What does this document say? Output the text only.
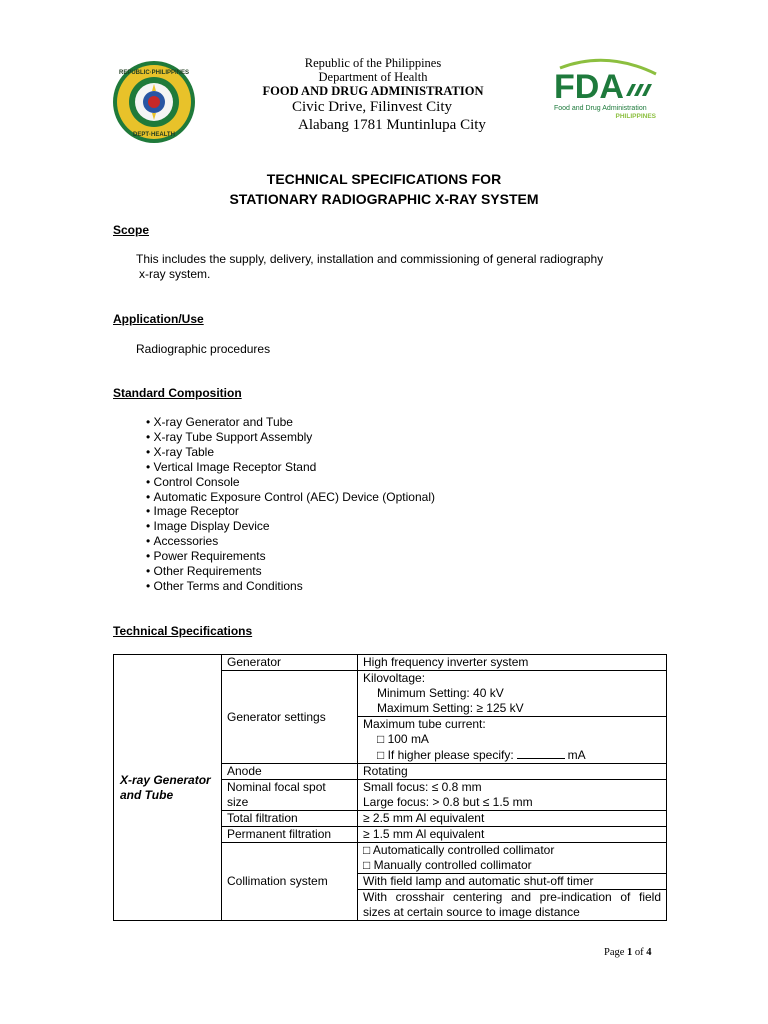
REPUBLIC·PHILIPPINES
DEPT·HEALTH
Republic of the Philippines
Department of Health
FOOD AND DRUG ADMINISTRATION
Civic Drive, Filinvest City
Alabang 1781 Muntinlupa City
FDA
Food and Drug Administration
PHILIPPINES
TECHNICAL SPECIFICATIONS FOR
STATIONARY RADIOGRAPHIC X-RAY SYSTEM
Scope
This includes the supply, delivery, installation and commissioning of general radiography
x-ray system.
Application/Use
Radiographic procedures
Standard Composition
• X-ray Generator and Tube
• X-ray Tube Support Assembly
• X-ray Table
• Vertical Image Receptor Stand
• Control Console
• Automatic Exposure Control (AEC) Device (Optional)
• Image Receptor
• Image Display Device
• Accessories
• Power Requirements
• Other Requirements
• Other Terms and Conditions
Technical Specifications
X-ray Generator and Tube	Generator	High frequency inverter system
	Generator settings	Kilovoltage:
Minimum Setting: 40 kV
Maximum Setting: ≥ 125 kV

		Maximum tube current:
□ 100 mA
□ If higher please specify: mA

	Anode	Rotating

	Nominal focal spot
size	Small focus: ≤ 0.8 mm
Large focus: > 0.8 but ≤ 1.5 mm

	Total filtration	≥ 2.5 mm Al equivalent
	Permanent filtration	≥ 1.5 mm Al equivalent
	Collimation system	□ Automatically controlled collimator
□ Manually controlled collimator

		With field lamp and automatic shut-off timer

		With crosshair centering and pre-indication of field
sizes at certain source to image distance
Page 1 of 4
